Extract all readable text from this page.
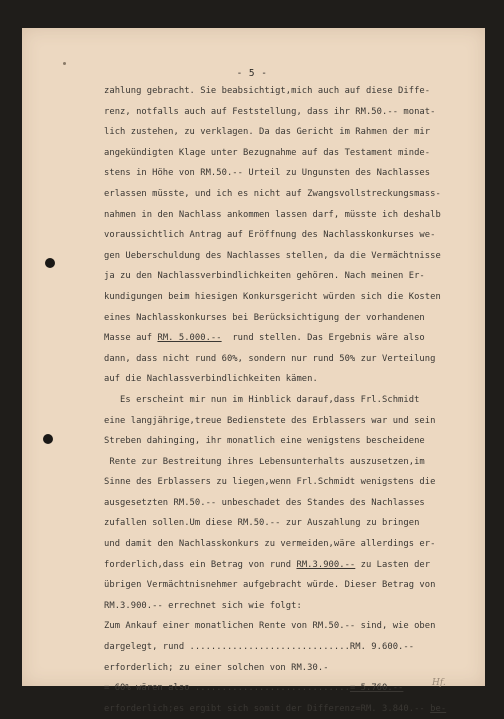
- 5 -
zahlung gebracht. Sie beabsichtigt,mich auch auf diese Diffe-
renz, notfalls auch auf Feststellung, dass ihr RM.50.-- monat-
lich zustehen, zu verklagen. Da das Gericht im Rahmen der mir
angekündigten Klage unter Bezugnahme auf das Testament minde-
stens in Höhe von RM.50.-- Urteil zu Ungunsten des Nachlasses
erlassen müsste, und ich es nicht auf Zwangsvollstreckungsmass-
nahmen in den Nachlass ankommen lassen darf, müsste ich deshalb
voraussichtlich Antrag auf Eröffnung des Nachlasskonkurses we-
gen Ueberschuldung des Nachlasses stellen, da die Vermächtnisse
ja zu den Nachlassverbindlichkeiten gehören. Nach meinen Er-
kundigungen beim hiesigen Konkursgericht würden sich die Kosten
eines Nachlasskonkurses bei Berücksichtigung der vorhandenen
Masse auf RM. 5.000.--  rund stellen. Das Ergebnis wäre also
dann, dass nicht rund 60%, sondern nur rund 50% zur Verteilung
auf die Nachlassverbindlichkeiten kämen.
Es erscheint mir nun im Hinblick darauf,dass Frl.Schmidt
eine langjährige,treue Bedienstete des Erblassers war und sein
Streben dahinging, ihr monatlich eine wenigstens bescheidene
Rente zur Bestreitung ihres Lebensunterhalts auszusetzen,im
Sinne des Erblassers zu liegen,wenn Frl.Schmidt wenigstens die
ausgesetzten RM.50.-- unbeschadet des Standes des Nachlasses
zufallen sollen.Um diese RM.50.-- zur Auszahlung zu bringen
und damit den Nachlasskonkurs zu vermeiden,wäre allerdings er-
forderlich,dass ein Betrag von rund RM.3.900.-- zu Lasten der
übrigen Vermächtnisnehmer aufgebracht würde. Dieser Betrag von
RM.3.900.-- errechnet sich wie folgt:
Zum Ankauf einer monatlichen Rente von RM.50.-- sind, wie oben
dargelegt, rund ..............................RM. 9.600.--
erforderlich; zu einer solchen von RM.30.-
= 60% wären also .............................= 5.760.--
erforderlich;es ergibt sich somit der Differenz=RM. 3.840.-- be-
Hf.
